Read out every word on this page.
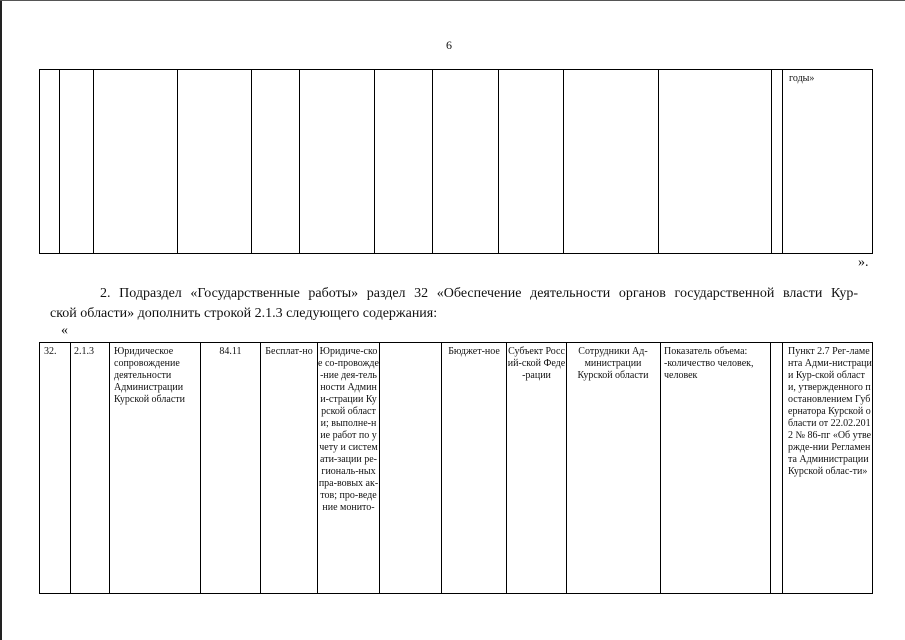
6
годы»
».
2. Подраздел «Государственные работы» раздел 32 «Обеспечение деятельности органов государственной власти Кур-
ской области» дополнить строкой 2.1.3 следующего содержания:
«
32. 2.1.3 Юридическое сопровождение деятельности Администрации Курской области
84.11	Бесплат-но Юридиче-ское со-провожде-ние дея-тельности Админи-страции Курской области; выполне-ние работ по учету и системати-зации ре-гиональ-ных пра-вовых ак-тов; про-ведение монито-
Бюджет-ное Субъект Россий-ской Феде-рации
Сотрудники Ад-министрации Курской области
Показатель объема: -количество человек, человек
Пункт 2.7 Рег-ламента Адми-нистрации Кур-ской области, утвержденного постановлением Губернатора Курской области от 22.02.2012 № 86-пг «Об утвержде-нии Регламента Администрации Курской облас-ти»
